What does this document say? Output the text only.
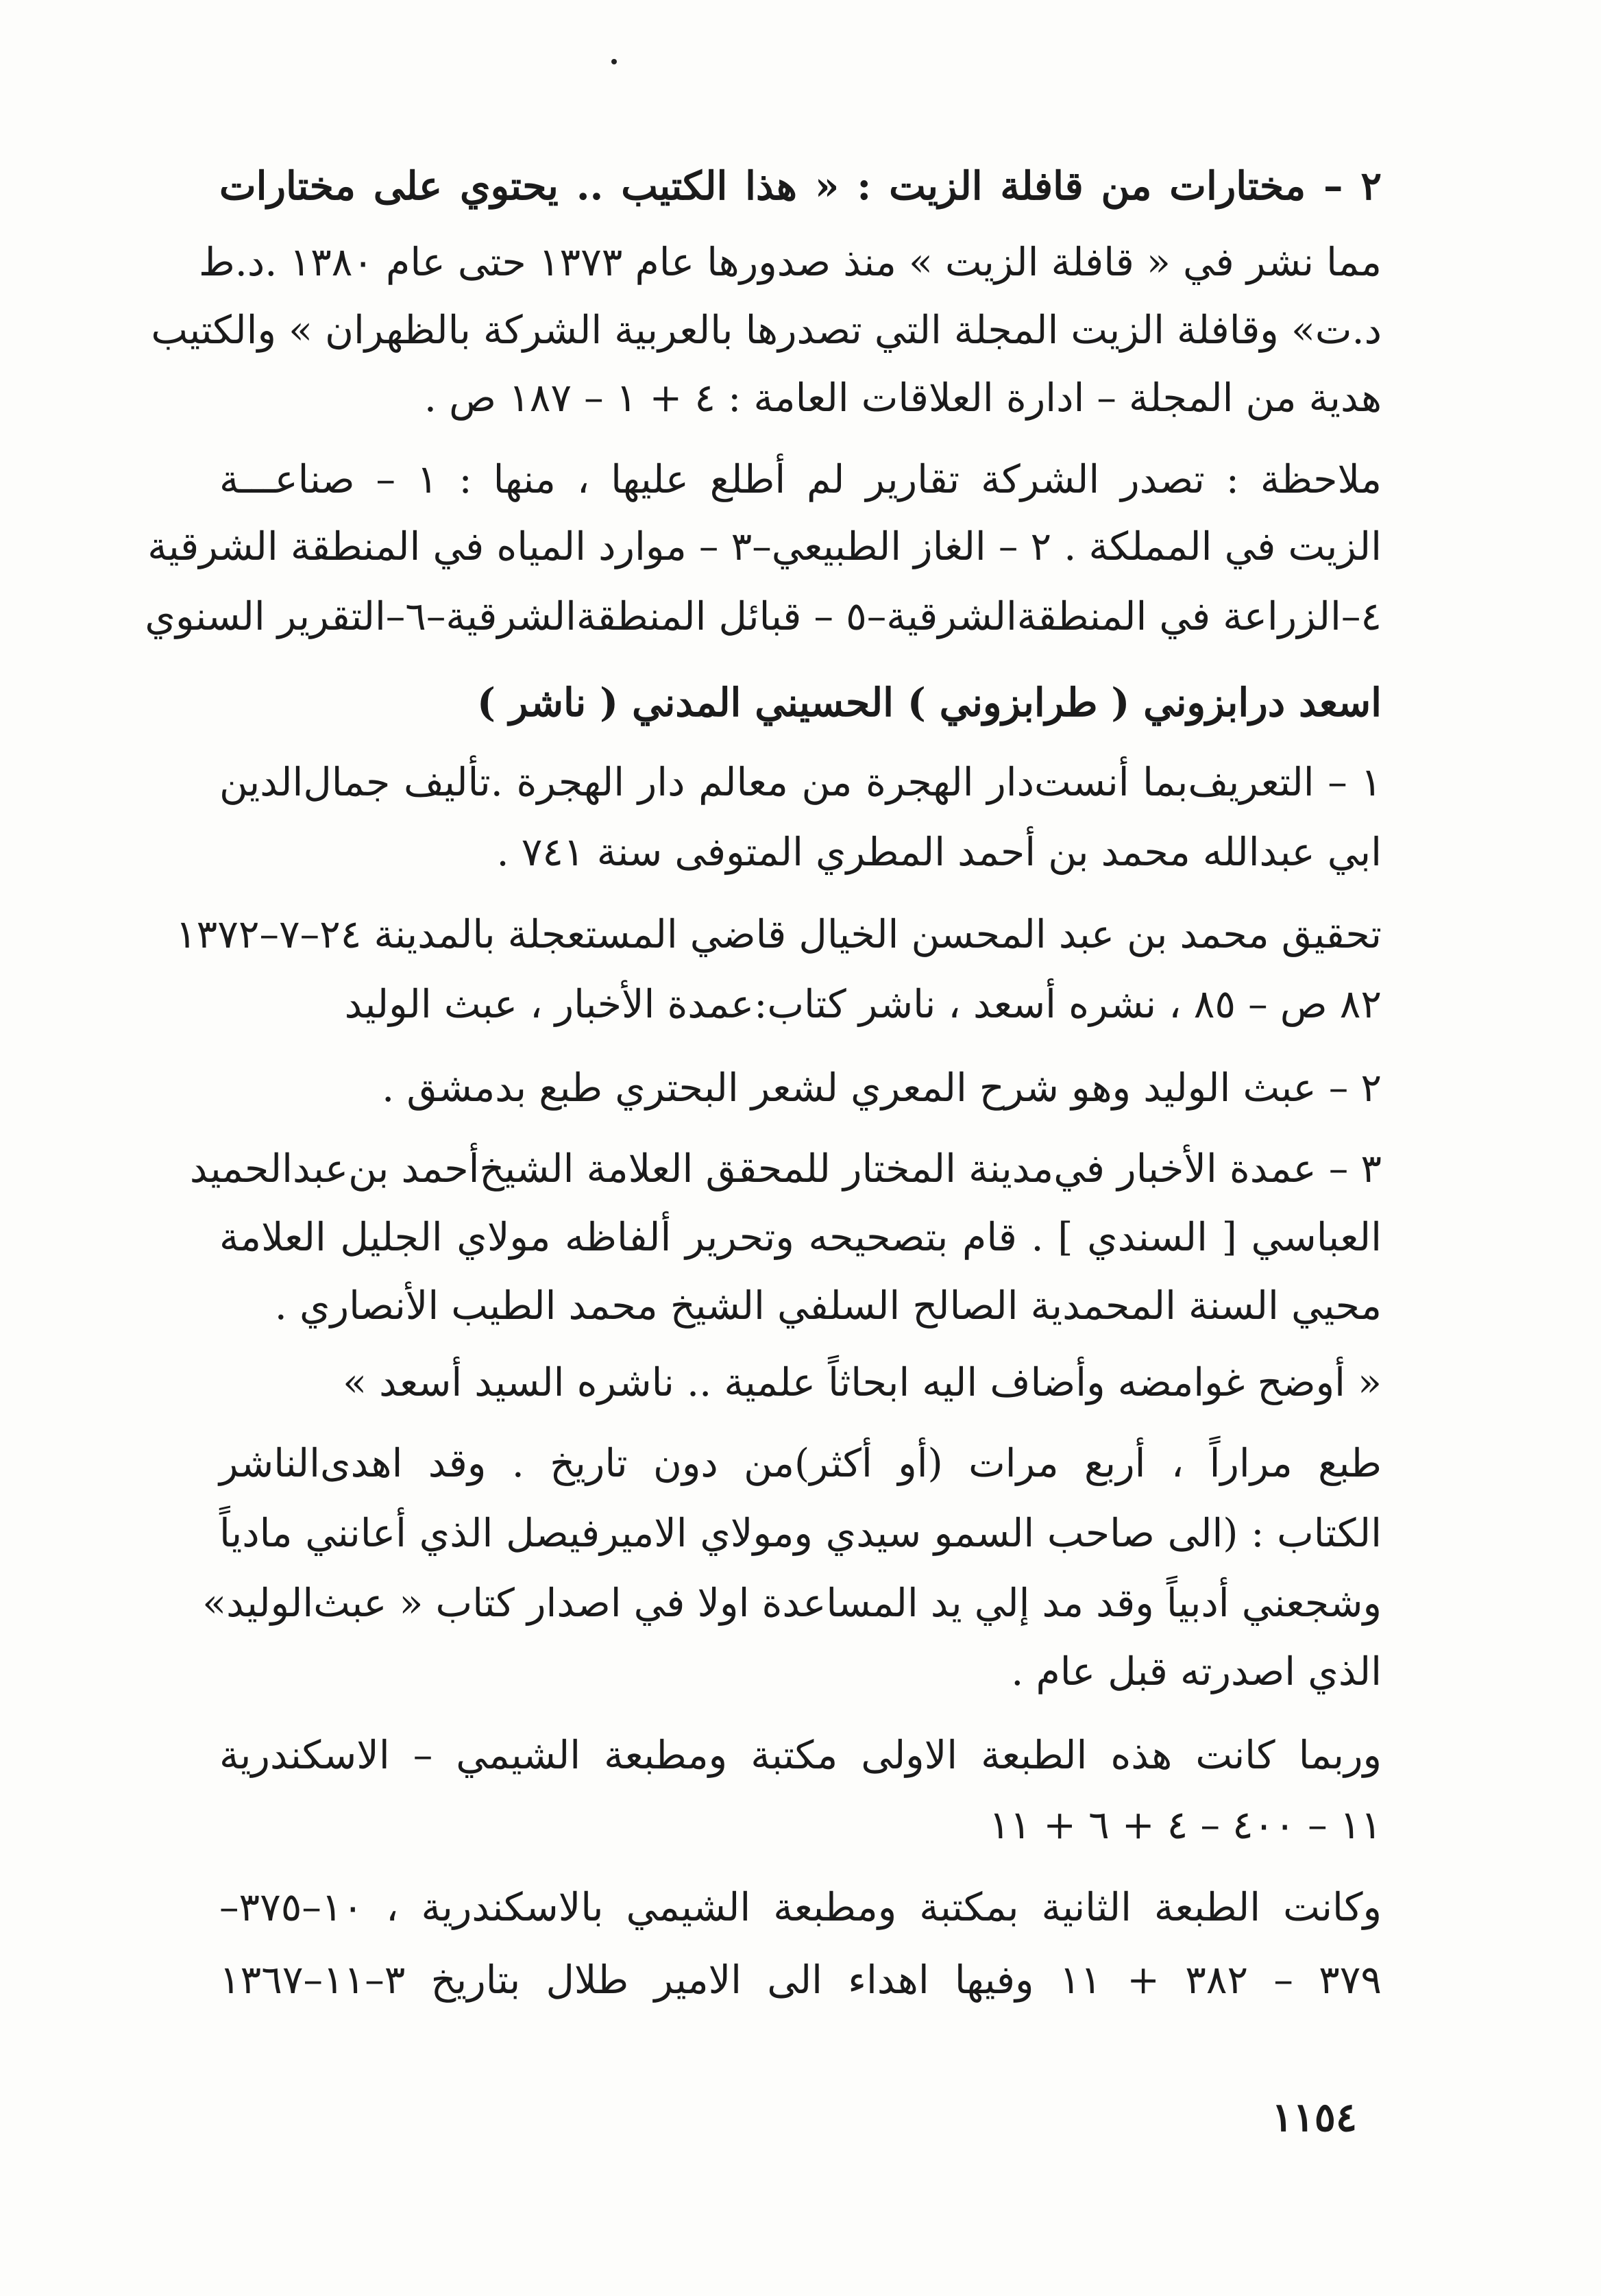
٢ – مختارات من قافلة الزيت : « هذا الكتيب .. يحتوي على مختارات
مما نشر في « قافلة الزيت » منذ صدورها عام ١٣٧٣ حتى عام ١٣٨٠ .د.ط
د.ت» وقافلة الزيت المجلة التي تصدرها بالعربية الشركة بالظهران » والكتيب
هدية من المجلة – ادارة العلاقات العامة : ٤ + ١ – ١٨٧ ص .
ملاحظة : تصدر الشركة تقارير لم أطلع عليها ، منها : ١ – صناعـــة
الزيت في المملكة . ٢ – الغاز الطبيعي–٣ – موارد المياه في المنطقة الشرقية
٤–الزراعة في المنطقةالشرقية–٥ – قبائل المنطقةالشرقية–٦–التقرير السنوي
اسعد درابزوني ( طرابزوني ) الحسيني المدني ( ناشر )
١ – التعريف‌بما أنست‌دار الهجرة من معالم دار الهجرة .تأليف جمال‌الدين
ابي عبدالله محمد بن أحمد المطري المتوفى سنة ٧٤١ .
تحقيق محمد بن عبد المحسن الخيال قاضي المستعجلة بالمدينة ٢٤–٧–١٣٧٢
٨٢ ص – ٨٥ ، نشره أسعد ، ناشر كتاب:عمدة الأخبار ، عبث الوليد
٢ – عبث الوليد وهو شرح المعري لشعر البحتري طبع بدمشق .
٣ – عمدة الأخبار في‌مدينة المختار للمحقق العلامة الشيخ‌أحمد بن‌عبدالحميد
العباسي [ السندي ] . قام بتصحيحه وتحرير ألفاظه مولاي الجليل العلامة
محيي السنة المحمدية الصالح السلفي الشيخ محمد الطيب الأنصاري .
« أوضح غوامضه وأضاف اليه ابحاثاً علمية .. ناشره السيد أسعد »
طبع مراراً ، أربع مرات (أو أكثر)من دون تاريخ . وقد اهدى‌الناشر
الكتاب : (الى صاحب السمو سيدي ومولاي الاميرفيصل الذي أعانني مادياً
وشجعني أدبياً وقد مد إلي يد المساعدة اولا في اصدار كتاب « عبث‌الوليد»
الذي اصدرته قبل عام .
وربما كانت هذه الطبعة الاولى مكتبة ومطبعة الشيمي – الاسكندرية
١١ – ٤٠٠ – ٤ + ٦ + ١١
وكانت الطبعة الثانية بمكتبة ومطبعة الشيمي بالاسكندرية ، ١٠–٣٧٥–
٣٧٩ – ٣٨٢ + ١١ وفيها اهداء الى الامير طلال بتاريخ ٣–١١–١٣٦٧
١١٥٤
